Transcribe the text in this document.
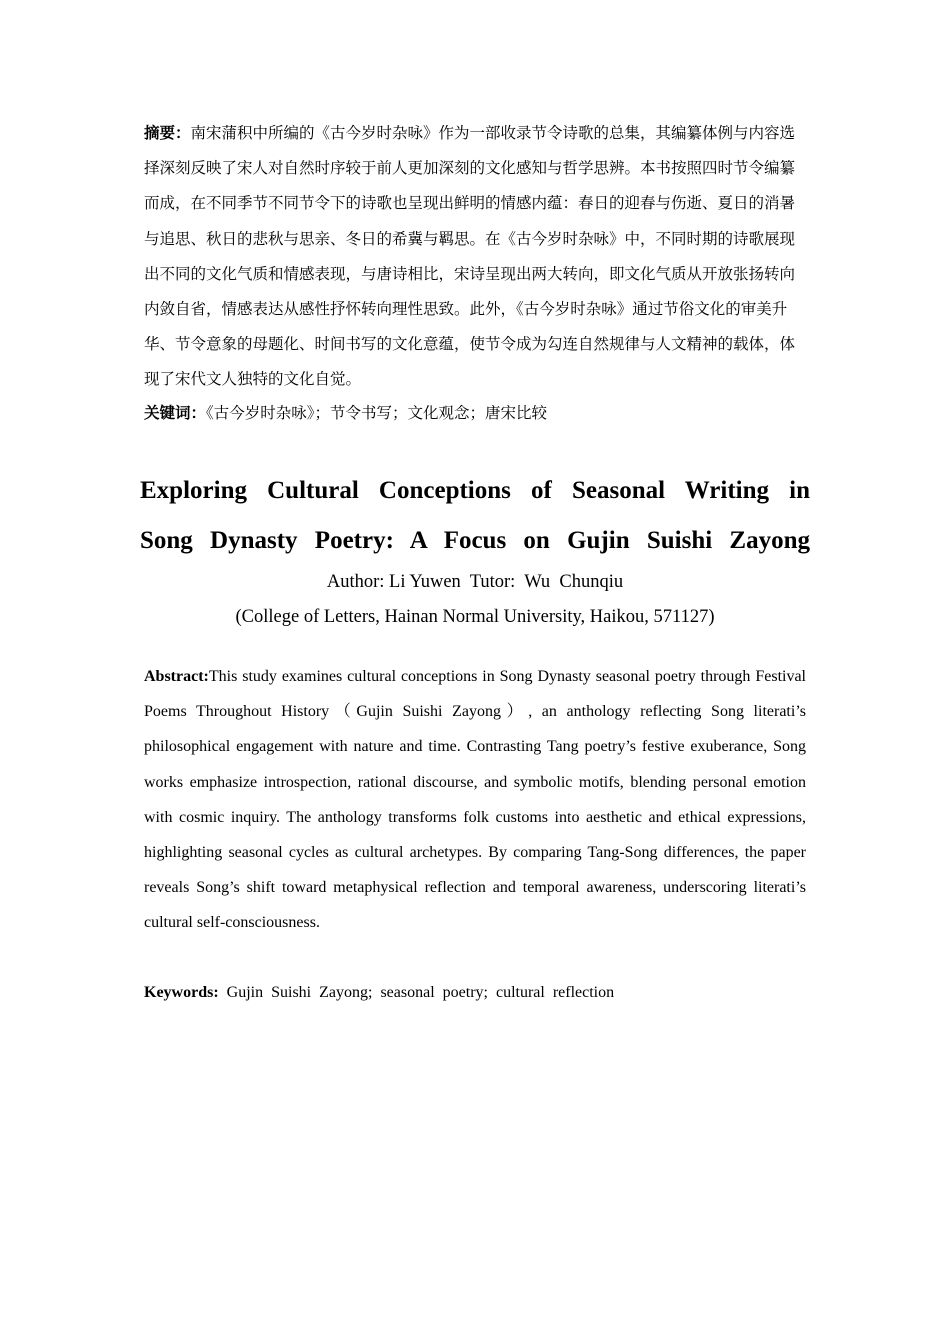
摘要：南宋蒲积中所编的《古今岁时杂咏》作为一部收录节令诗歌的总集，其编纂体例与内容选择深刻反映了宋人对自然时序较于前人更加深刻的文化感知与哲学思辨。本书按照四时节令编纂而成，在不同季节不同节令下的诗歌也呈现出鲜明的情感内蕴：春日的迎春与伤逝、夏日的消暑与追思、秋日的悲秋与思亲、冬日的希冀与羁思。在《古今岁时杂咏》中，不同时期的诗歌展现出不同的文化气质和情感表现，与唐诗相比，宋诗呈现出两大转向，即文化气质从开放张扬转向内敛自省，情感表达从感性抒怀转向理性思致。此外，《古今岁时杂咏》通过节俗文化的审美升华、节令意象的母题化、时间书写的文化意蕴，使节令成为勾连自然规律与人文精神的载体，体现了宋代文人独特的文化自觉。

关键词：《古今岁时杂咏》；节令书写；文化观念；唐宋比较

Exploring Cultural Conceptions of Seasonal Writing in
Song Dynasty Poetry: A Focus on Gujin Suishi Zayong
Author: Li Yuwen  Tutor:  Wu  Chunqiu
(College of Letters, Hainan Normal University, Haikou, 571127)

Abstract:This study examines cultural conceptions in Song Dynasty seasonal poetry through Festival Poems Throughout History（Gujin Suishi Zayong）, an anthology reflecting Song literati’s philosophical engagement with nature and time. Contrasting Tang poetry’s festive exuberance, Song works emphasize introspection, rational discourse, and symbolic motifs, blending personal emotion with cosmic inquiry. The anthology transforms folk customs into aesthetic and ethical expressions, highlighting seasonal cycles as cultural archetypes. By comparing Tang-Song differences, the paper reveals Song’s shift toward metaphysical reflection and temporal awareness, underscoring literati’s cultural self-consciousness.

Keywords: Gujin Suishi Zayong; seasonal poetry; cultural reflection
